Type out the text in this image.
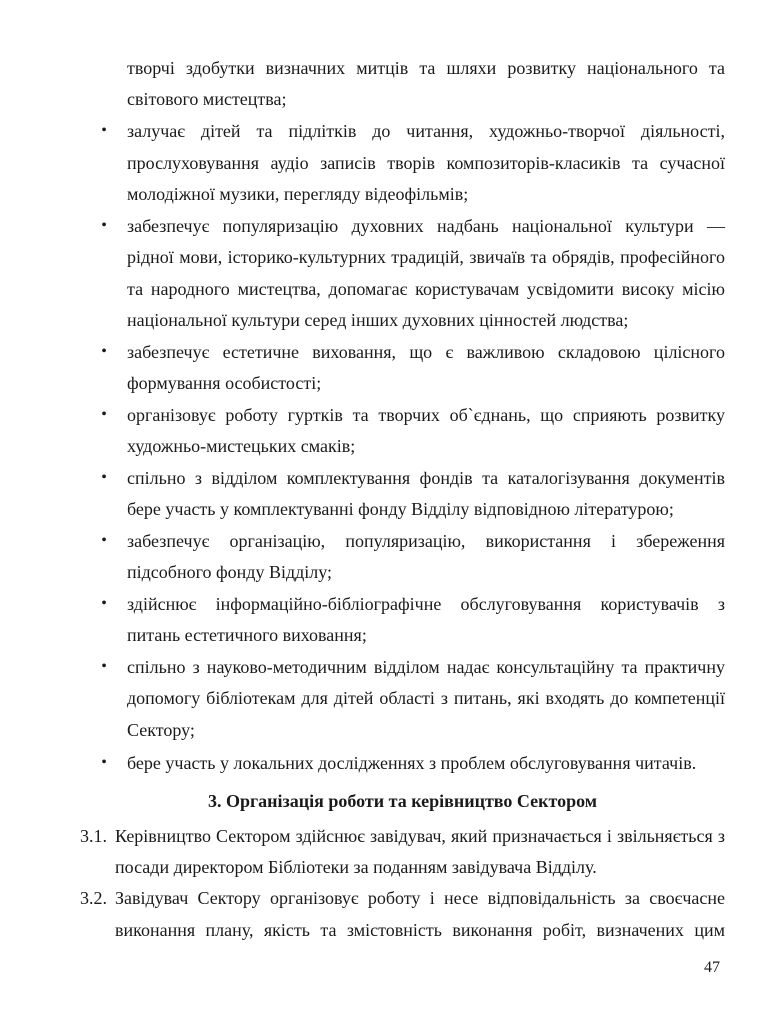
творчі здобутки визначних митців та шляхи розвитку національного та
світового мистецтва;
• залучає дітей та підлітків до читання, художньо-творчої діяльності,
прослуховування аудіо записів творів композиторів-класиків та сучасної
молодіжної музики, перегляду відеофільмів;
• забезпечує популяризацію духовних надбань національної культури —
рідної мови, історико-культурних традицій, звичаїв та обрядів, професійного
та народного мистецтва, допомагає користувачам усвідомити високу місію
національної культури серед інших духовних цінностей людства;
• забезпечує естетичне виховання, що є важливою складовою цілісного
формування особистості;
• організовує роботу гуртків та творчих об`єднань, що сприяють розвитку
художньо-мистецьких смаків;
• спільно з відділом комплектування фондів та каталогізування документів
бере участь у комплектуванні фонду Відділу відповідною літературою;
• забезпечує організацію, популяризацію, використання і збереження
підсобного фонду Відділу;
• здійснює інформаційно-бібліографічне обслуговування користувачів з
питань естетичного виховання;
• спільно з науково-методичним відділом надає консультаційну та практичну
допомогу бібліотекам для дітей області з питань, які входять до компетенції
Сектору;
• бере участь у локальних дослідженнях з проблем обслуговування читачів.
3. Організація роботи та керівництво Сектором
3.1. Керівництво Сектором здійснює завідувач, який призначається і звільняється з
посади директором Бібліотеки за поданням завідувача Відділу.
3.2. Завідувач Сектору організовує роботу і несе відповідальність за своєчасне
виконання плану, якість та змістовність виконання робіт, визначених цим
47
